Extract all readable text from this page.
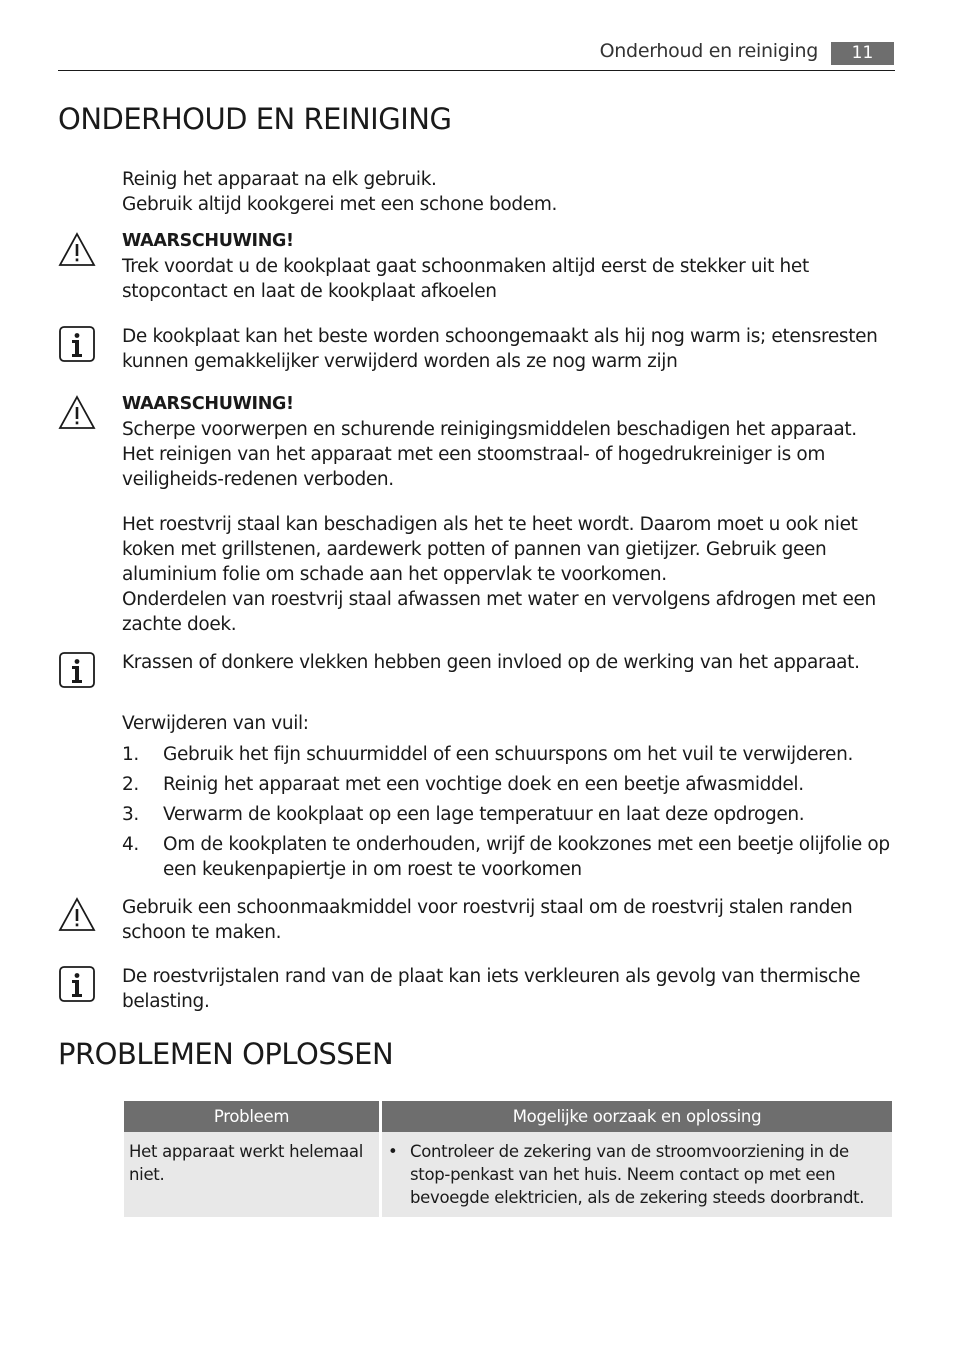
Onderhoud en reiniging	11
ONDERHOUD EN REINIGING

Reinig het apparaat na elk gebruik.

Gebruik altijd kookgerei met een schone bodem.

WAARSCHUWING!

Trek voordat u de kookplaat gaat schoonmaken altijd eerst de stekker uit het stopcontact en laat de kookplaat afkoelen

De kookplaat kan het beste worden schoongemaakt als hij nog warm is; etensresten kunnen gemakkelijker verwijderd worden als ze nog warm zijn

WAARSCHUWING!

Scherpe voorwerpen en schurende reinigingsmiddelen beschadigen het apparaat.

Het reinigen van het apparaat met een stoomstraal- of hogedrukreiniger is om veiligheids-redenen verboden.

Het roestvrij staal kan beschadigen als het te heet wordt. Daarom moet u ook niet koken met grillstenen, aardewerk potten of pannen van gietijzer. Gebruik geen aluminium folie om schade aan het oppervlak te voorkomen.

Onderdelen van roestvrij staal afwassen met water en vervolgens afdrogen met een zachte doek.

Krassen of donkere vlekken hebben geen invloed op de werking van het apparaat.

Verwijderen van vuil:

1. Gebruik het fijn schuurmiddel of een schuurspons om het vuil te verwijderen.
2. Reinig het apparaat met een vochtige doek en een beetje afwasmiddel.
3. Verwarm de kookplaat op een lage temperatuur en laat deze opdrogen.
4. Om de kookplaten te onderhouden, wrijf de kookzones met een beetje olijfolie op een keukenpapiertje in om roest te voorkomen

Gebruik een schoonmaakmiddel voor roestvrij staal om de roestvrij stalen randen schoon te maken.

De roestvrijstalen rand van de plaat kan iets verkleuren als gevolg van thermische belasting.

PROBLEMEN OPLOSSEN
Probleem	Mogelijke oorzaak en oplossing
Het apparaat werkt helemaal niet.	• Controleer de zekering van de stroomvoorziening in de stop-penkast van het huis. Neem contact op met een bevoegde elektricien, als de zekering steeds doorbrandt.
